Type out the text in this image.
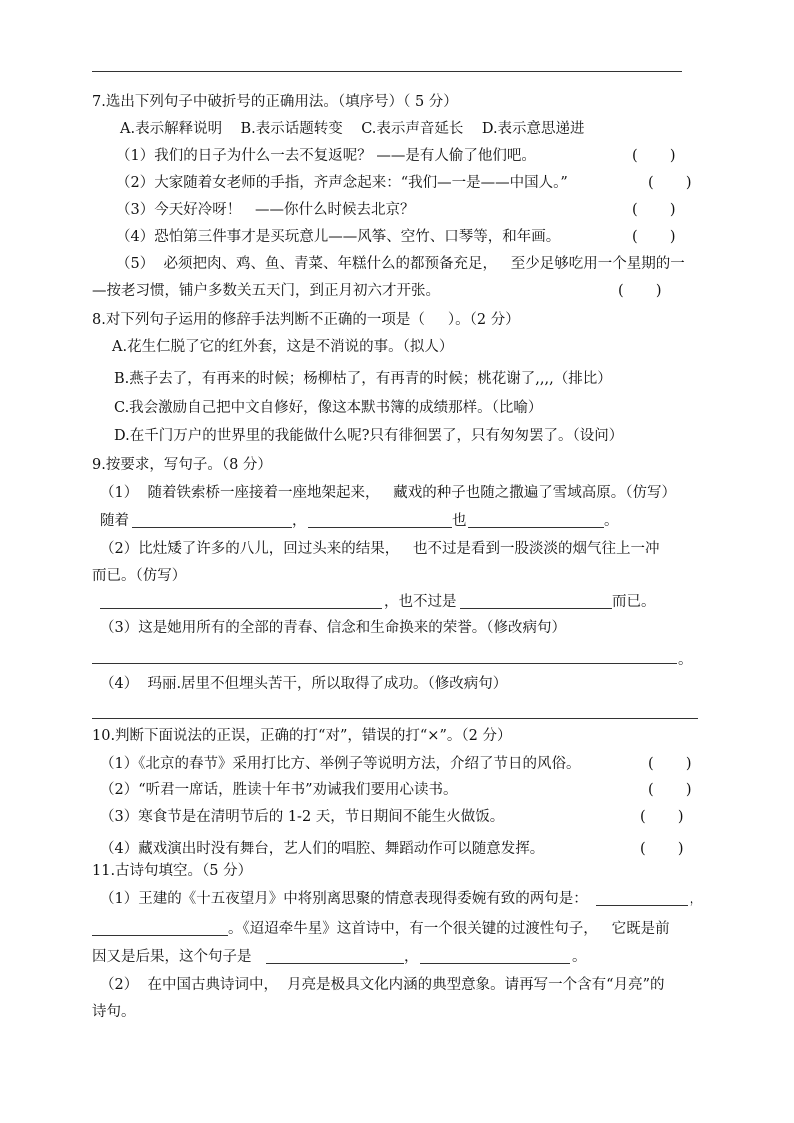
7.选出下列句子中破折号的正确用法。（填序号）（ 5 分）
A.表示解释说明    B.表示话题转变    C.表示声音延长    D.表示意思递进
（1）我们的日子为什么一去不复返呢？ ——是有人偷了他们吧。	(       )
（2）大家随着女老师的手指，齐声念起来：“我们—一是——中国人。”	(       )
（3）今天好冷呀！   ——你什么时候去北京？	(       )
（4）恐怕第三件事才是买玩意儿——风筝、空竹、口琴等，和年画。	(       )
（5）  必须把肉、鸡、鱼、青菜、年糕什么的都预备充足，   至少足够吃用一个星期的一
—按老习惯，铺户多数关五天门，到正月初六才开张。	(       )
8.对下列句子运用的修辞手法判断不正确的一项是（     ）。（2 分）
A.花生仁脱了它的红外套，这是不消说的事。（拟人）
B.燕子去了，有再来的时候；杨柳枯了，有再青的时候；桃花谢了,,,,（排比）
C.我会激励自己把中文自修好，像这本默书簿的成绩那样。（比喻）
D.在千门万户的世界里的我能做什么呢?只有徘徊罢了，只有匆匆罢了。（设问）
9.按要求，写句子。（8 分）
（1）  随着铁索桥一座接着一座地架起来，   藏戏的种子也随之撒遍了雪域高原。（仿写）
随着	，	也	。
（2）比灶矮了许多的八儿，回过头来的结果，   也不过是看到一股淡淡的烟气往上一冲
而已。（仿写）
，也不过是	而已。
（3）这是她用所有的全部的青春、信念和生命换来的荣誉。（修改病句）
。
（4）  玛丽.居里不但埋头苦干，所以取得了成功。（修改病句）
10.判断下面说法的正误，正确的打“对”，错误的打“×”。（2 分）
（1）《北京的春节》采用打比方、举例子等说明方法，介绍了节日的风俗。	(       )
（2）“听君一席话，胜读十年书”劝诫我们要用心读书。	(       )
（3）寒食节是在清明节后的 1-2 天，节日期间不能生火做饭。	(       )
（4）藏戏演出时没有舞台，艺人们的唱腔、舞蹈动作可以随意发挥。	(       )
11.古诗句填空。（5 分）
（1）王建的《十五夜望月》中将别离思聚的情意表现得委婉有致的两句是：	，
。《迢迢牵牛星》这首诗中，有一个很关键的过渡性句子，   它既是前
因又是后果，这个句子是	，	。
（2）  在中国古典诗词中，  月亮是极具文化内涵的典型意象。请再写一个含有“月亮”的
诗句。
